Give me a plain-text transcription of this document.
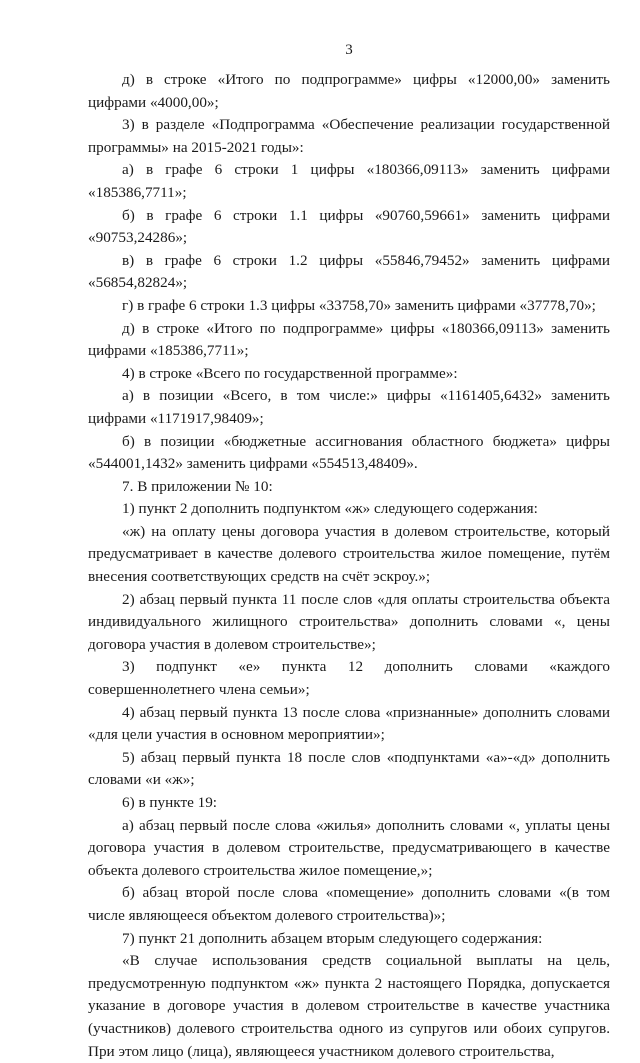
3

д) в строке «Итого по подпрограмме» цифры «12000,00» заменить цифрами «4000,00»;

3) в разделе «Подпрограмма «Обеспечение реализации государственной программы» на 2015-2021 годы»:

а) в графе 6 строки 1 цифры «180366,09113» заменить цифрами «185386,7711»;

б) в графе 6 строки 1.1 цифры «90760,59661» заменить цифрами «90753,24286»;

в) в графе 6 строки 1.2 цифры «55846,79452» заменить цифрами «56854,82824»;

г) в графе 6 строки 1.3 цифры «33758,70» заменить цифрами «37778,70»;

д) в строке «Итого по подпрограмме» цифры «180366,09113» заменить цифрами «185386,7711»;

4) в строке «Всего по государственной программе»:

а) в позиции «Всего, в том числе:» цифры «1161405,6432» заменить цифрами «1171917,98409»;

б) в позиции «бюджетные ассигнования областного бюджета» цифры «544001,1432» заменить цифрами «554513,48409».

7. В приложении № 10:

1) пункт 2 дополнить подпунктом «ж» следующего содержания:

«ж) на оплату цены договора участия в долевом строительстве, который предусматривает в качестве долевого строительства жилое помещение, путём внесения соответствующих средств на счёт эскроу.»;

2) абзац первый пункта 11 после слов «для оплаты строительства объекта индивидуального жилищного строительства» дополнить словами «, цены договора участия в долевом строительстве»;

3) подпункт «е» пункта 12 дополнить словами «каждого совершеннолетнего члена семьи»;

4) абзац первый пункта 13 после слова «признанные» дополнить словами «для цели участия в основном мероприятии»;

5) абзац первый пункта 18 после слов «подпунктами «а»-«д» дополнить словами «и «ж»;

6) в пункте 19:

а) абзац первый после слова «жилья» дополнить словами «, уплаты цены договора участия в долевом строительстве, предусматривающего в качестве объекта долевого строительства жилое помещение,»;

б) абзац второй после слова «помещение» дополнить словами «(в том числе являющееся объектом долевого строительства)»;

7) пункт 21 дополнить абзацем вторым следующего содержания:

«В случае использования средств социальной выплаты на цель, предусмотренную подпунктом «ж» пункта 2 настоящего Порядка, допускается указание в договоре участия в долевом строительстве в качестве участника (участников) долевого строительства одного из супругов или обоих супругов. При этом лицо (лица), являющееся участником долевого строительства,
